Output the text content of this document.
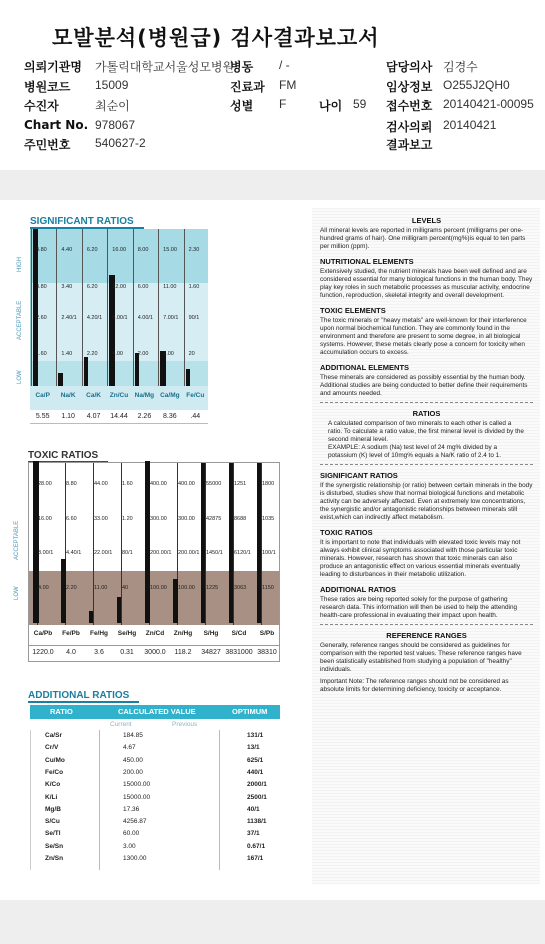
모발분석(병원급) 검사결과보고서
의뢰기관명 가톨릭대학교서울성모병원
병동 / -	담당의사 김경수
병원코드 15009	진료과 FM	임상정보 O255J2QH0
수진자	최순이	성별 F	나이 59 접수번호 20140421-00095
Chart No. 978067	검사의뢰 20140421
주민번호 540627-2	결과보고
SIGNIFICANT RATIOS
4.80
3.80
2.60
1.60
4.40
3.40
2.40/1
1.40
6.20
6.20
4.20/1
2.20
16.00
12.00
8.00/1
4.00
8.00
6.00
4.00/1
2.00
15.00
11.00
7.00/1
3.00
2.30
1.60
90/1
20
HIGH
ACCEPTABLE
LOW
Ca/P	Na/K	Ca/K	Zn/Cu Na/Mg Ca/Mg	Fe/Cu
5.55	1.10	4.07	14.44	2.26	8.36	.44
TOXIC RATIOS
28.00
16.00
8.00/1
4.00
8.80
6.60
4.40/1
2.20
44.00
33.00
22.00/1
11.00
1.60
1.20
80/1
40
400.00
300.00
200.00/1
100.00
400.00
300.00
200.00/1
100.00
55000
42875
1450/1
1225
1251
8688
6120/1
3063
1800
1035
100/1
1150
ACCEPTABLE
LOW
Ca/Pb	Fe/Pb	Fe/Hg	Se/Hg	Zn/Cd	Zn/Hg	S/Hg	S/Cd	S/Pb
1220.0	4.0	3.6	0.31	3000.0	118.2	34827 3831000 38310
ADDITIONAL RATIOS
RATIO	CALCULATED VALUE	OPTIMUM
Current	Previous
Ca/Sr	184.85	131/1
Cr/V	4.67	13/1
Cu/Mo	450.00	625/1
Fe/Co	200.00	440/1
K/Co	15000.00	2000/1
K/Li	15000.00	2500/1
Mg/B	17.36	40/1
S/Cu	4256.87	1138/1
Se/Tl	60.00	37/1
Se/Sn	3.00	0.67/1
Zn/Sn	1300.00	167/1
LEVELS
All mineral levels are reported in milligrams percent (milligrams per one-hundred grams of hair). One milligram percent(mg%)is equal to ten parts per million (ppm).
NUTRITIONAL ELEMENTS
Extensively studied, the nutrient minerals have been well defined and are considered essential for many biological functions in the human body. They play key roles in such metabolic processes as muscular activity, endocrine function, reproduction, skeletal integrity and overall development.
TOXIC ELEMENTS
The toxic minerals or "heavy metals" are well-known for their interference upon normal biochemical function. They are commonly found in the environment and therefore are present to some degree, in all biological systems. However, these metals clearly pose a concern for toxicity when accumulation occurs to excess.
ADDITIONAL ELEMENTS
These minerals are considered as possibly essential by the human body. Additional studies are being conducted to better define their requirements and amounts needed.
RATIOS
A calculated comparison of two minerals to each other is called a ratio. To calculate a ratio value, the first mineral level is divided by the second mineral level.
EXAMPLE: A sodium (Na) test level of 24 mg% divided by a potassium (K) level of 10mg% equals a Na/K ratio of 2.4 to 1.
SIGNIFICANT RATIOS
If the synergistic relationship (or ratio) between certain minerals in the body is disturbed, studies show that normal biological functions and metabolic activity can be adversely affected. Even at extremely low concentrations, the synergistic and/or antagonistic relationships between minerals still exist,which can indirectly affect metabolism.
TOXIC RATIOS
It is important to note that individuals with elevated toxic levels may not always exhibit clinical symptoms associated with those particular toxic minerals. However, research has shown that toxic minerals can also produce an antagonistic effect on various essential minerals eventually leading to disturbances in their metabolic utilization.
ADDITIONAL RATIOS
These ratios are being reported solely for the purpose of gathering research data. This information will then be used to help the attending health-care professional in evaluating their impact upon health.
REFERENCE RANGES
Generally, reference ranges should be considered as guidelines for comparison with the reported test values. These reference ranges have been statistically established from studying a population of "healthy" individuals.
Important Note: The reference ranges should not be considered as absolute limits for determining deficiency, toxicity or acceptance.
